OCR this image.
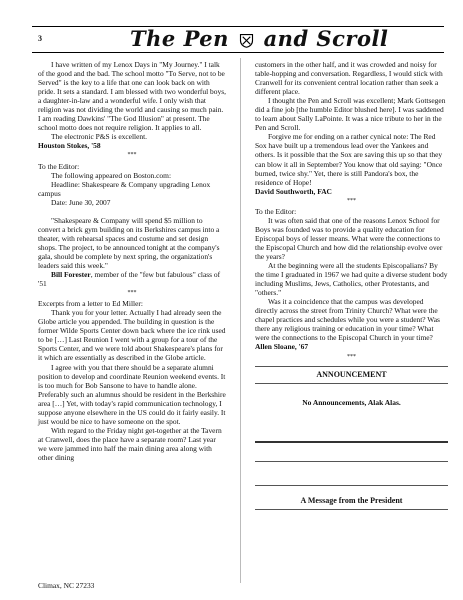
3	The Pen and Scroll

I have written of my Lenox Days in "My Journey." I talk of the good and the bad. The school motto "To Serve, not to be Served" is the key to a life that one can look back on with pride. It sets a standard. I am blessed with two wonderful boys, a daughter-in-law and a wonderful wife. I only wish that religion was not dividing the world and causing so much pain. I am reading Dawkins' "The God Illusion" at present. The school motto does not require religion. It applies to all.

The electronic P&S is excellent.

Houston Stokes, '58

***

To the Editor:

The following appeared on Boston.com:

Headline: Shakespeare & Company upgrading Lenox campus

Date: June 30, 2007

"Shakespeare & Company will spend $5 million to convert a brick gym building on its Berkshires campus into a theater, with rehearsal spaces and costume and set design shops. The project, to be announced tonight at the company's gala, should be complete by next spring, the organization's leaders said this week."

Bill Forester, member of the "few but fabulous" class of '51

***

Excerpts from a letter to Ed Miller:

Thank you for your letter. Actually I had already seen the Globe article you appended. The building in question is the former Wilde Sports Center down back where the ice rink used to be […] Last Reunion I went with a group for a tour of the Sports Center, and we were told about Shakespeare's plans for it which are essentially as described in the Globe article.

I agree with you that there should be a separate alumni position to develop and coordinate Reunion weekend events. It is too much for Bob Sansone to have to handle alone. Preferably such an alumnus should be resident in the Berkshire area […] Yet, with today's rapid communication technology, I suppose anyone elsewhere in the US could do it fairly easily. It just would be nice to have someone on the spot.

With regard to the Friday night get-together at the Tavern at Cranwell, does the place have a separate room? Last year we were jammed into half the main dining area along with other dining

customers in the other half, and it was crowded and noisy for table-hopping and conversation. Regardless, I would stick with Cranwell for its convenient central location rather than seek a different place.

I thought the Pen and Scroll was excellent; Mark Gottsegen did a fine job [the humble Editor blushed here]. I was saddened to learn about Sally LaPointe. It was a nice tribute to her in the Pen and Scroll.

Forgive me for ending on a rather cynical note: The Red Sox have built up a tremendous lead over the Yankees and others. Is it possible that the Sox are saving this up so that they can blow it all in September? You know that old saying: "Once burned, twice shy." Yet, there is still Pandora's box, the residence of Hope!

David Southworth, FAC

***

To the Editor:

It was often said that one of the reasons Lenox School for Boys was founded was to provide a quality education for Episcopal boys of lesser means. What were the connections to the Episcopal Church and how did the relationship evolve over the years?

At the beginning were all the students Episcopalians? By the time I graduated in 1967 we had quite a diverse student body including Muslims, Jews, Catholics, other Protestants, and "others."

Was it a coincidence that the campus was developed directly across the street from Trinity Church? What were the chapel practices and schedules while you were a student? Was there any religious training or education in your time? What were the connections to the Episcopal Church in your time?

Allen Sloane, '67

***

ANNOUNCEMENT
No Announcements, Alak Alas.
A Message from the President
Climax, NC 27233
